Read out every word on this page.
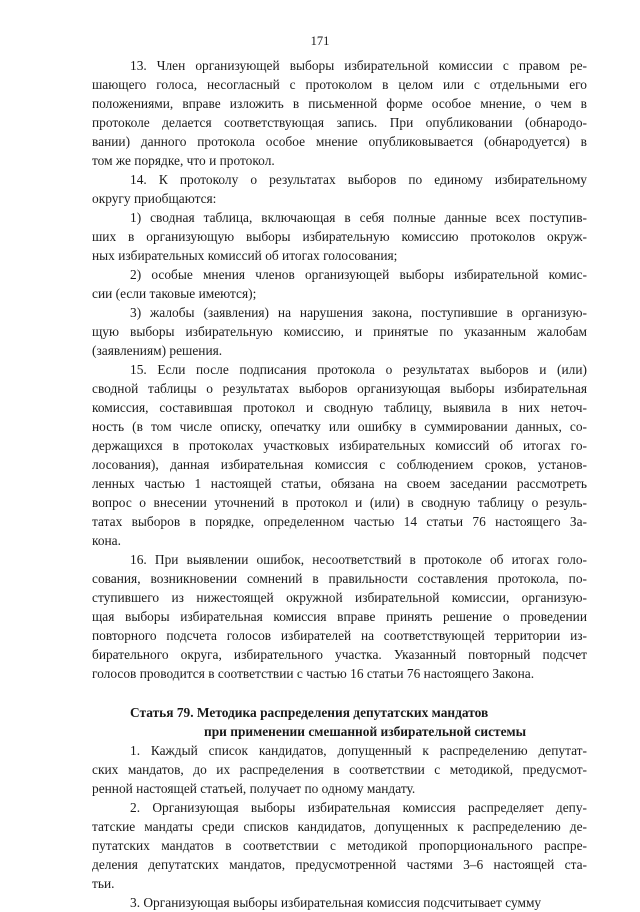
171
13. Член организующей выборы избирательной комиссии с правом ре-
шающего голоса, несогласный с протоколом в целом или с отдельными его
положениями, вправе изложить в письменной форме особое мнение, о чем в
протоколе делается соответствующая запись. При опубликовании (обнародо-
вании) данного протокола особое мнение опубликовывается (обнародуется) в
том же порядке, что и протокол.
14. К протоколу о результатах выборов по единому избирательному
округу приобщаются:
1) сводная таблица, включающая в себя полные данные всех поступив-
ших в организующую выборы избирательную комиссию протоколов окруж-
ных избирательных комиссий об итогах голосования;
2) особые мнения членов организующей выборы избирательной комис-
сии (если таковые имеются);
3) жалобы (заявления) на нарушения закона, поступившие в организую-
щую выборы избирательную комиссию, и принятые по указанным жалобам
(заявлениям) решения.
15. Если после подписания протокола о результатах выборов и (или)
сводной таблицы о результатах выборов организующая выборы избирательная
комиссия, составившая протокол и сводную таблицу, выявила в них неточ-
ность (в том числе описку, опечатку или ошибку в суммировании данных, со-
держащихся в протоколах участковых избирательных комиссий об итогах го-
лосования), данная избирательная комиссия с соблюдением сроков, установ-
ленных частью 1 настоящей статьи, обязана на своем заседании рассмотреть
вопрос о внесении уточнений в протокол и (или) в сводную таблицу о резуль-
татах выборов в порядке, определенном частью 14 статьи 76 настоящего За-
кона.
16. При выявлении ошибок, несоответствий в протоколе об итогах голо-
сования, возникновении сомнений в правильности составления протокола, по-
ступившего из нижестоящей окружной избирательной комиссии, организую-
щая выборы избирательная комиссия вправе принять решение о проведении
повторного подсчета голосов избирателей на соответствующей территории из-
бирательного округа, избирательного участка. Указанный повторный подсчет
голосов проводится в соответствии с частью 16 статьи 76 настоящего Закона.
Статья 79. Методика распределения депутатских мандатов
при применении смешанной избирательной системы
1. Каждый список кандидатов, допущенный к распределению депутат-
ских мандатов, до их распределения в соответствии с методикой, предусмот-
ренной настоящей статьей, получает по одному мандату.
2. Организующая выборы избирательная комиссия распределяет депу-
татские мандаты среди списков кандидатов, допущенных к распределению де-
путатских мандатов в соответствии с методикой пропорционального распре-
деления депутатских мандатов, предусмотренной частями 3–6 настоящей ста-
тьи.
3. Организующая выборы избирательная комиссия подсчитывает сумму
